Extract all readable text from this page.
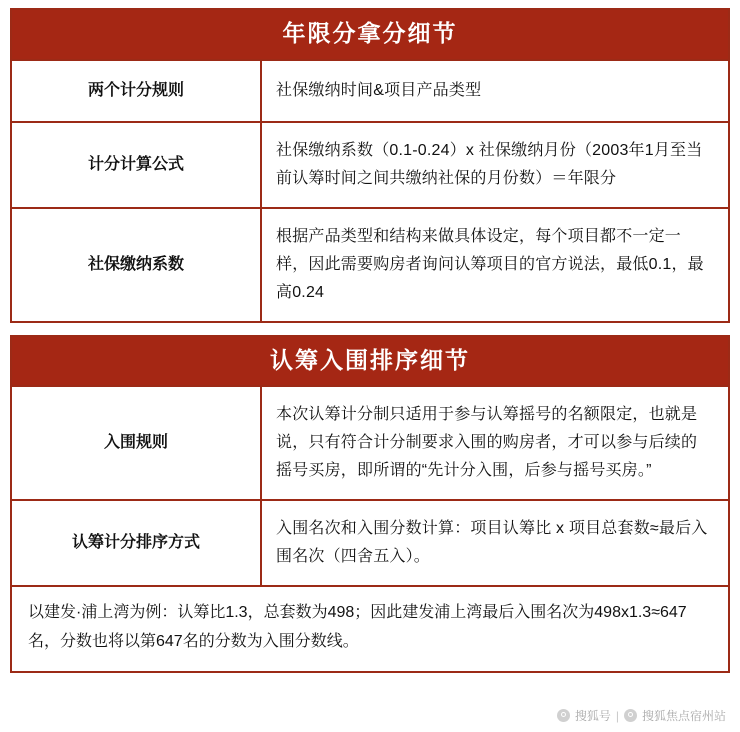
年限分拿分细节
两个计分规则	社保缴纳时间&项目产品类型
计分计算公式
社保缴纳系数（0.1-0.24）x 社保缴纳月份（2003年1月至当前认筹时间之间共缴纳社保的月份数）＝年限分
社保缴纳系数
根据产品类型和结构来做具体设定，每个项目都不一定一样，因此需要购房者询问认筹项目的官方说法，最低0.1，最高0.24
认筹入围排序细节
入围规则
本次认筹计分制只适用于参与认筹摇号的名额限定，也就是说，只有符合计分制要求入围的购房者，才可以参与后续的摇号买房，即所谓的“先计分入围，后参与摇号买房。”
认筹计分 排序方式
入围名次和入围分数计算：项目认筹比 x 项目总套数≈最后入围名次（四舍五入）。
以建发·浦上湾为例：认筹比1.3，总套数为498；因此建发浦上湾最后入围名次为498x1.3≈647名，分数也将以第647名的分数为入围分数线。
搜狐号 | 搜狐焦点宿州站
